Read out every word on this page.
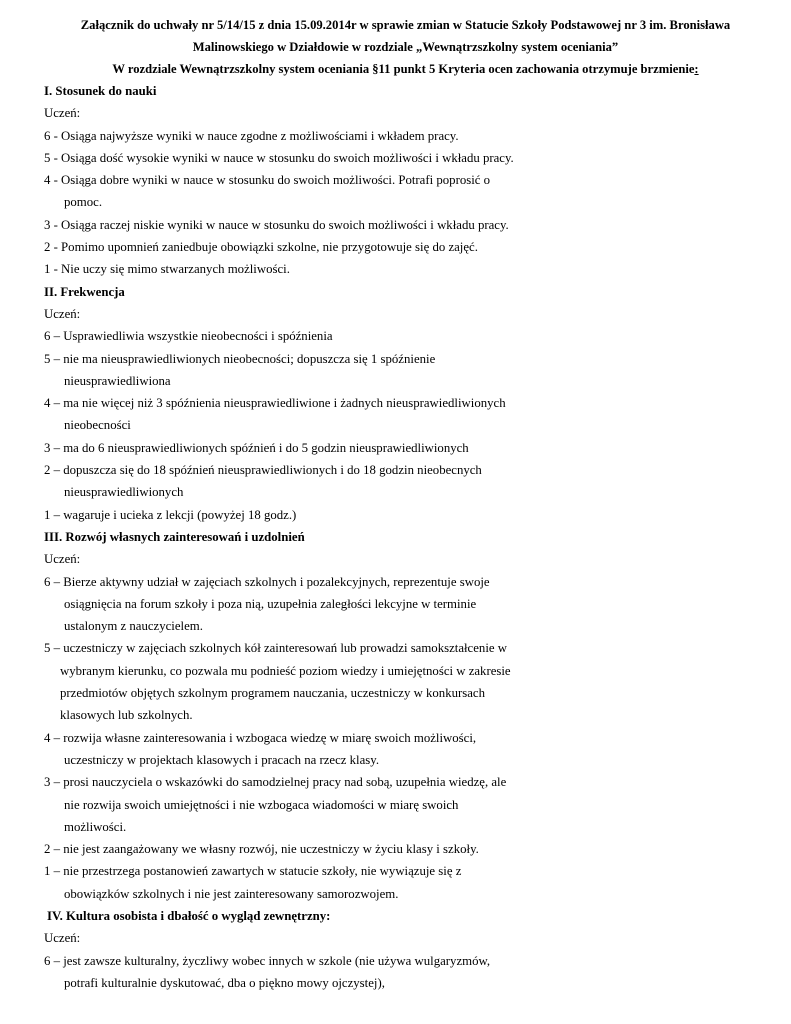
Załącznik do uchwały nr 5/14/15 z dnia 15.09.2014r w sprawie zmian w Statucie Szkoły Podstawowej nr 3 im. Bronisława
Malinowskiego w Działdowie w rozdziale „Wewnątrzszkolny system oceniania”
W rozdziale Wewnątrzszkolny system oceniania §11 punkt 5 Kryteria ocen zachowania otrzymuje brzmienie:

I. Stosunek do nauki

Uczeń:

6 - Osiąga najwyższe wyniki w nauce zgodne z możliwościami i wkładem pracy.

5 - Osiąga dość wysokie wyniki w nauce w stosunku do swoich możliwości i wkładu pracy.

4 - Osiąga dobre wyniki w nauce w stosunku do swoich możliwości. Potrafi poprosić o
pomoc.

3 - Osiąga raczej niskie wyniki w nauce w stosunku do swoich możliwości i wkładu pracy.

2 - Pomimo upomnień zaniedbuje obowiązki szkolne, nie przygotowuje się do zajęć.

1 - Nie uczy się mimo stwarzanych możliwości.

II. Frekwencja

Uczeń:

6 – Usprawiedliwia wszystkie nieobecności i spóźnienia

5 – nie ma nieusprawiedliwionych nieobecności; dopuszcza się 1 spóźnienie
nieusprawiedliwiona

4 – ma nie więcej niż 3 spóźnienia nieusprawiedliwione i żadnych nieusprawiedliwionych
nieobecności

3 – ma do 6 nieusprawiedliwionych spóźnień i do 5 godzin nieusprawiedliwionych

2 – dopuszcza się do 18 spóźnień nieusprawiedliwionych i do 18 godzin nieobecnych
nieusprawiedliwionych

1 – wagaruje i ucieka z lekcji (powyżej 18 godz.)

III. Rozwój własnych zainteresowań i uzdolnień

Uczeń:

6 – Bierze aktywny udział w zajęciach szkolnych i pozalekcyjnych, reprezentuje swoje
osiągnięcia na forum szkoły i poza nią, uzupełnia zaległości lekcyjne w terminie
ustalonym z nauczycielem.

5 – uczestniczy w zajęciach szkolnych kół zainteresowań lub prowadzi samokształcenie w
wybranym kierunku, co pozwala mu podnieść poziom wiedzy i umiejętności w zakresie
przedmiotów objętych szkolnym programem nauczania, uczestniczy w konkursach
klasowych lub szkolnych.

4 – rozwija własne zainteresowania i wzbogaca wiedzę w miarę swoich możliwości,
uczestniczy w projektach klasowych i pracach na rzecz klasy.

3 – prosi nauczyciela o wskazówki do samodzielnej pracy nad sobą, uzupełnia wiedzę, ale
nie rozwija swoich umiejętności i nie wzbogaca wiadomości w miarę swoich
możliwości.

2 – nie jest zaangażowany we własny rozwój, nie uczestniczy w życiu klasy i szkoły.

1 – nie przestrzega postanowień zawartych w statucie szkoły, nie wywiązuje się z
obowiązków szkolnych i nie jest zainteresowany samorozwojem.

IV. Kultura osobista i dbałość o wygląd zewnętrzny:

Uczeń:

6 – jest zawsze kulturalny, życzliwy wobec innych w szkole (nie używa wulgaryzmów,
potrafi kulturalnie dyskutować, dba o piękno mowy ojczystej),
